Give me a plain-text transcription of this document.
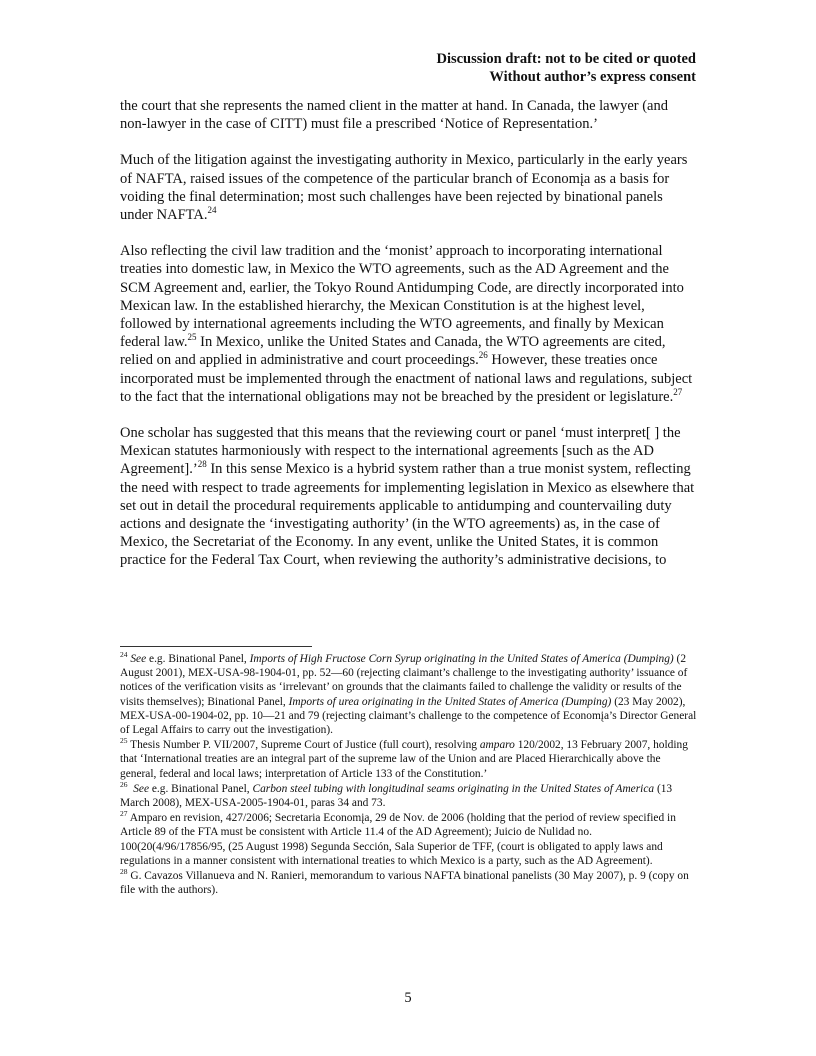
Discussion draft: not to be cited or quoted
Without author’s express consent

the court that she represents the named client in the matter at hand. In Canada, the lawyer (and non-lawyer in the case of CITT) must file a prescribed ‘Notice of Representation.’

Much of the litigation against the investigating authority in Mexico, particularly in the early years of NAFTA, raised issues of the competence of the particular branch of Economįa as a basis for voiding the final determination; most such challenges have been rejected by binational panels under NAFTA.$^{24}$

Also reflecting the civil law tradition and the ‘monist’ approach to incorporating international treaties into domestic law, in Mexico the WTO agreements, such as the AD Agreement and the SCM Agreement and, earlier, the Tokyo Round Antidumping Code, are directly incorporated into Mexican law. In the established hierarchy, the Mexican Constitution is at the highest level, followed by international agreements including the WTO agreements, and finally by Mexican federal law.$^{25}$ In Mexico, unlike the United States and Canada, the WTO agreements are cited, relied on and applied in administrative and court proceedings.$^{26}$ However, these treaties once incorporated must be implemented through the enactment of national laws and regulations, subject to the fact that the international obligations may not be breached by the president or legislature.$^{27}$

One scholar has suggested that this means that the reviewing court or panel ‘must interpret[ ] the Mexican statutes harmoniously with respect to the international agreements [such as the AD Agreement].’$^{28}$ In this sense Mexico is a hybrid system rather than a true monist system, reflecting the need with respect to trade agreements for implementing legislation in Mexico as elsewhere that set out in detail the procedural requirements applicable to antidumping and countervailing duty actions and designate the ‘investigating authority’ (in the WTO agreements) as, in the case of Mexico, the Secretariat of the Economy. In any event, unlike the United States, it is common practice for the Federal Tax Court, when reviewing the authority’s administrative decisions, to

$^{24}$ See e.g. Binational Panel, Imports of High Fructose Corn Syrup originating in the United States of America (Dumping) (2 August 2001), MEX-USA-98-1904-01, pp. 52—60 (rejecting claimant’s challenge to the investigating authority’ issuance of notices of the verification visits as ‘irrelevant’ on grounds that the claimants failed to challenge the validity or results of the visits themselves); Binational Panel, Imports of urea originating in the United States of America (Dumping) (23 May 2002), MEX-USA-00-1904-02, pp. 10—21 and 79 (rejecting claimant’s challenge to the competence of Economįa’s Director General of Legal Affairs to carry out the investigation).
$^{25}$ Thesis Number P. VII/2007, Supreme Court of Justice (full court), resolving amparo 120/2002, 13 February 2007, holding that ‘International treaties are an integral part of the supreme law of the Union and are Placed Hierarchically above the general, federal and local laws; interpretation of Article 133 of the Constitution.’
$^{26}$ See e.g. Binational Panel, Carbon steel tubing with longitudinal seams originating in the United States of America (13 March 2008), MEX-USA-2005-1904-01, paras 34 and 73.
$^{27}$ Amparo en revision, 427/2006; Secretaria Economįa, 29 de Nov. de 2006 (holding that the period of review specified in Article 89 of the FTA must be consistent with Article 11.4 of the AD Agreement); Juicio de Nulidad no. 100(20(4/96/17856/95, (25 August 1998) Segunda Sección, Sala Superior de TFF, (court is obligated to apply laws and regulations in a manner consistent with international treaties to which Mexico is a party, such as the AD Agreement).
$^{28}$ G. Cavazos Villanueva and N. Ranieri, memorandum to various NAFTA binational panelists (30 May 2007), p. 9 (copy on file with the authors).
5
